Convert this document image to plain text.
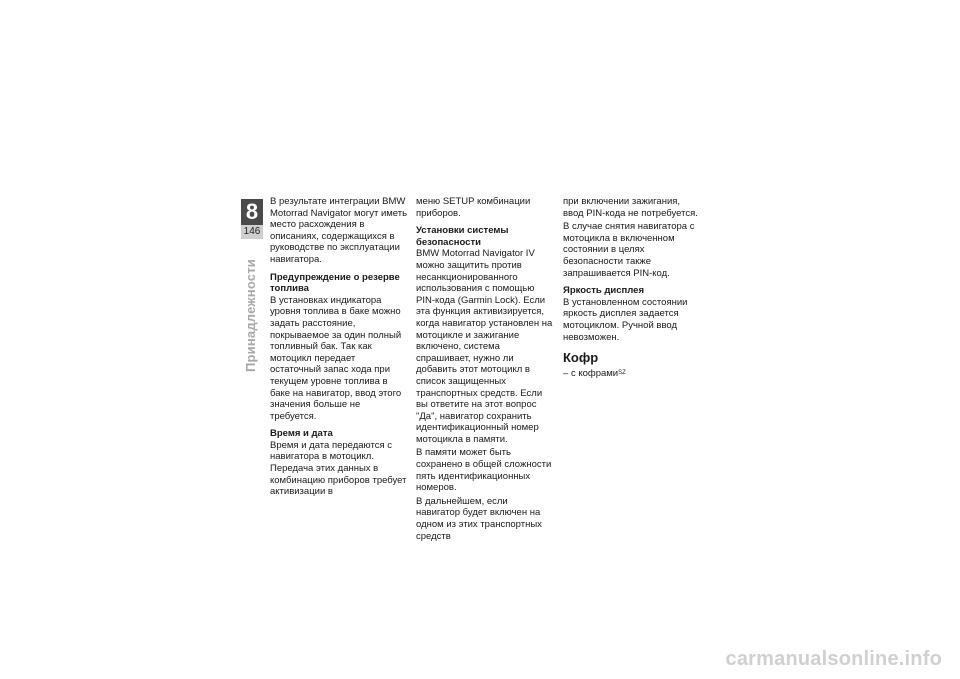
8
146
Принадлежности

В результате интеграции BMW Motorrad Navigator могут иметь место расхождения в описаниях, содержащихся в руководстве по эксплуатации навигатора.

Предупреждение о резерве топлива

В установках индикатора уровня топлива в баке можно задать расстояние, покрываемое за один полный топливный бак. Так как мотоцикл передает остаточный запас хода при текущем уровне топлива в баке на навигатор, ввод этого значения больше не требуется.

Время и дата

Время и дата передаются с навигатора в мотоцикл. Передача этих данных в комбинацию приборов требует активизации в

меню SETUP комбинации приборов.

Установки системы безопасности

BMW Motorrad Navigator IV можно защитить против несанкционированного использования с помощью PIN-кода (Garmin Lock). Если эта функция активизируется, когда навигатор установлен на мотоцикле и зажигание включено, система спрашивает, нужно ли добавить этот мотоцикл в список защищенных транспортных средств. Если вы ответите на этот вопрос "Да", навигатор сохранить идентификационный номер мотоцикла в памяти.

В памяти может быть сохранено в общей сложности пять идентификационных номеров.

В дальнейшем, если навигатор будет включен на одном из этих транспортных средств

при включении зажигания, ввод PIN-кода не потребуется.

В случае снятия навигатора с мотоцикла в включенном состоянии в целях безопасности также запрашивается PIN-код.

Яркость дисплея

В установленном состоянии яркость дисплея задается мотоциклом. Ручной ввод невозможен.

Кофр

– с кофрами$^{SZ}$

carmanualsonline.info
